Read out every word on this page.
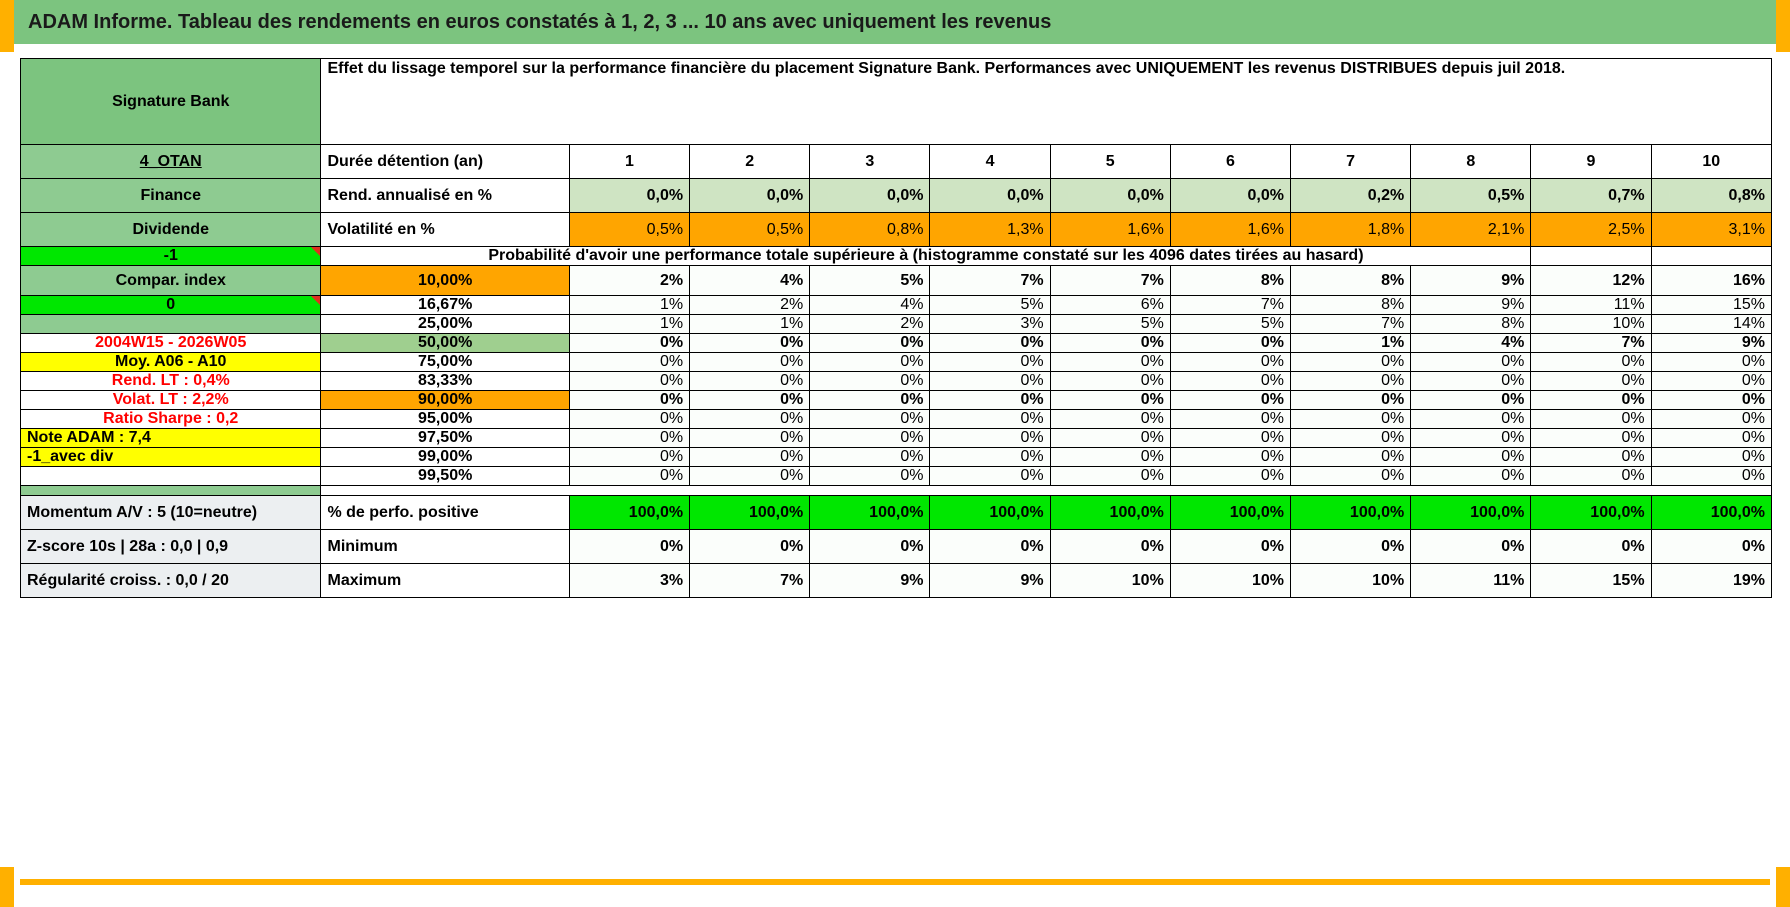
ADAM Informe. Tableau des rendements en euros constatés à 1, 2, 3 ... 10 ans avec uniquement les revenus
Signature Bank	Effet du lissage temporel sur la performance financière du placement Signature Bank. Performances avec UNIQUEMENT les revenus DISTRIBUES depuis juil 2018.										
4_OTAN	Durée détention (an)	1	2	3	4	5	6	7	8	9	10
Finance	Rend. annualisé en %	0,0%	0,0%	0,0%	0,0%	0,0%	0,0%	0,2%	0,5%	0,7%	0,8%
Dividende	Volatilité en %	0,5%	0,5%	0,8%	1,3%	1,6%	1,6%	1,8%	2,1%	2,5%	3,1%
-1	Probabilité d'avoir une performance totale supérieure à (histogramme constaté sur les 4096 dates tirées au hasard)										
Compar. index	10,00%	2%	4%	5%	7%	7%	8%	8%	9%	12%	16%
0	16,67%	1%	2%	4%	5%	6%	7%	8%	9%	11%	15%
	25,00%	1%	1%	2%	3%	5%	5%	7%	8%	10%	14%
2004W15 - 2026W05	50,00%	0%	0%	0%	0%	0%	0%	1%	4%	7%	9%
Moy. A06 - A10	75,00%	0%	0%	0%	0%	0%	0%	0%	0%	0%	0%
Rend. LT : 0,4%	83,33%	0%	0%	0%	0%	0%	0%	0%	0%	0%	0%
Volat. LT : 2,2%	90,00%	0%	0%	0%	0%	0%	0%	0%	0%	0%	0%
Ratio Sharpe : 0,2	95,00%	0%	0%	0%	0%	0%	0%	0%	0%	0%	0%
Note ADAM : 7,4	97,50%	0%	0%	0%	0%	0%	0%	0%	0%	0%	0%
-1_avec div	99,00%	0%	0%	0%	0%	0%	0%	0%	0%	0%	0%
	99,50%	0%	0%	0%	0%	0%	0%	0%	0%	0%	0%

Momentum A/V : 5 (10=neutre)	% de perfo. positive	100,0%	100,0%	100,0%	100,0%	100,0%	100,0%	100,0%	100,0%	100,0%	100,0%
Z-score 10s | 28a : 0,0 | 0,9	Minimum	0%	0%	0%	0%	0%	0%	0%	0%	0%	0%
Régularité croiss. : 0,0 / 20	Maximum	3%	7%	9%	9%	10%	10%	10%	11%	15%	19%
